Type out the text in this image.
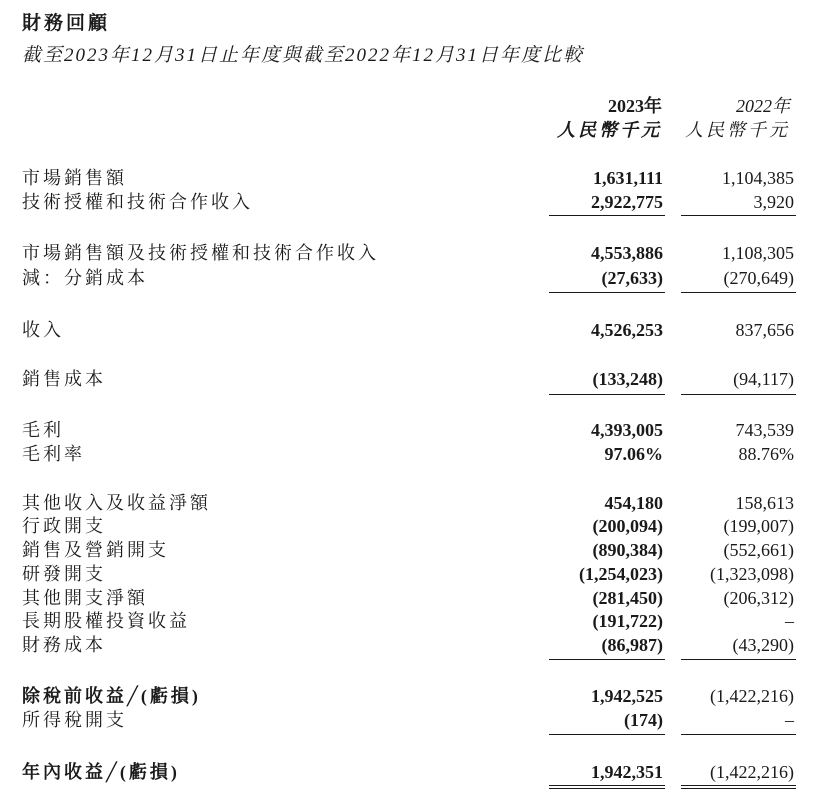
財務回顧
截至2023年12月31日止年度與截至2022年12月31日年度比較
2023年
人民幣千元
2022年
人民幣千元
市場銷售額	1,631,111	1,104,385
技術授權和技術合作收入	2,922,775	3,920
市場銷售額及技術授權和技術合作收入	4,553,886	1,108,305
減：分銷成本	(27,633)	(270,649)
收入	4,526,253	837,656
銷售成本	(133,248)	(94,117)
毛利	4,393,005	743,539
毛利率	97.06%	88.76%
其他收入及收益淨額	454,180	158,613
行政開支	(200,094)	(199,007)
銷售及營銷開支	(890,384)	(552,661)
研發開支	(1,254,023)	(1,323,098)
其他開支淨額	(281,450)	(206,312)
長期股權投資收益	(191,722)	–
財務成本	(86,987)	(43,290)
除稅前收益╱(虧損)	1,942,525	(1,422,216)
所得稅開支	(174)	–
年內收益╱(虧損)	1,942,351	(1,422,216)
